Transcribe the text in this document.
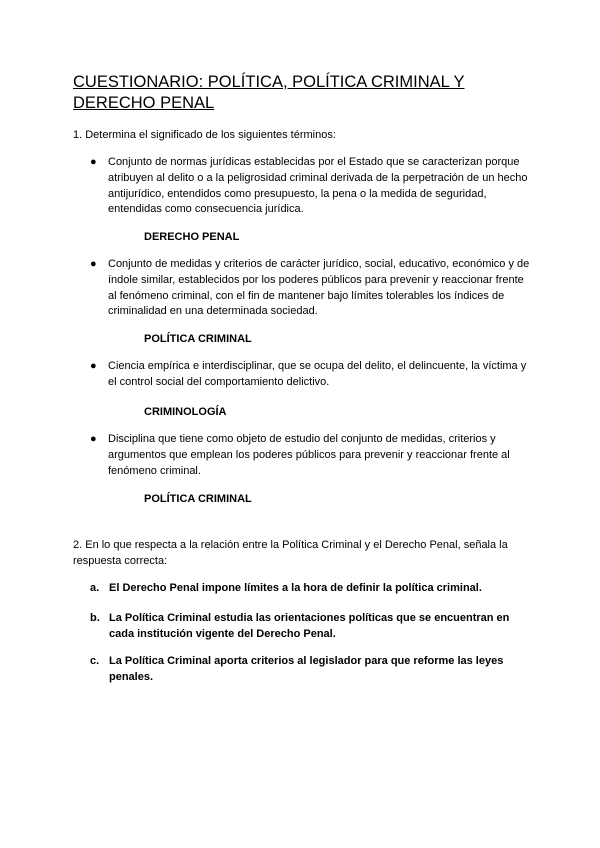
CUESTIONARIO: POLÍTICA, POLÍTICA CRIMINAL Y DERECHO PENAL
1. Determina el significado de los siguientes términos:
● Conjunto de normas jurídicas establecidas por el Estado que se caracterizan porque atribuyen al delito o a la peligrosidad criminal derivada de la perpetración de un hecho antijurídico, entendidos como presupuesto, la pena o la medida de seguridad, entendidas como consecuencia jurídica.
DERECHO PENAL
● Conjunto de medidas y criterios de carácter jurídico, social, educativo, económico y de índole similar, establecidos por los poderes públicos para prevenir y reaccionar frente al fenómeno criminal, con el fin de mantener bajo límites tolerables los índices de criminalidad en una determinada sociedad.
POLÍTICA CRIMINAL
● Ciencia empírica e interdisciplinar, que se ocupa del delito, el delincuente, la víctima y el control social del comportamiento delictivo.
CRIMINOLOGÍA
● Disciplina que tiene como objeto de estudio del conjunto de medidas, criterios y argumentos que emplean los poderes públicos para prevenir y reaccionar frente al fenómeno criminal.
POLÍTICA CRIMINAL
2. En lo que respecta a la relación entre la Política Criminal y el Derecho Penal, señala la respuesta correcta:
a. El Derecho Penal impone límites a la hora de definir la política criminal.
b. La Política Criminal estudia las orientaciones políticas que se encuentran en cada institución vigente del Derecho Penal.
c. La Política Criminal aporta criterios al legislador para que reforme las leyes penales.
